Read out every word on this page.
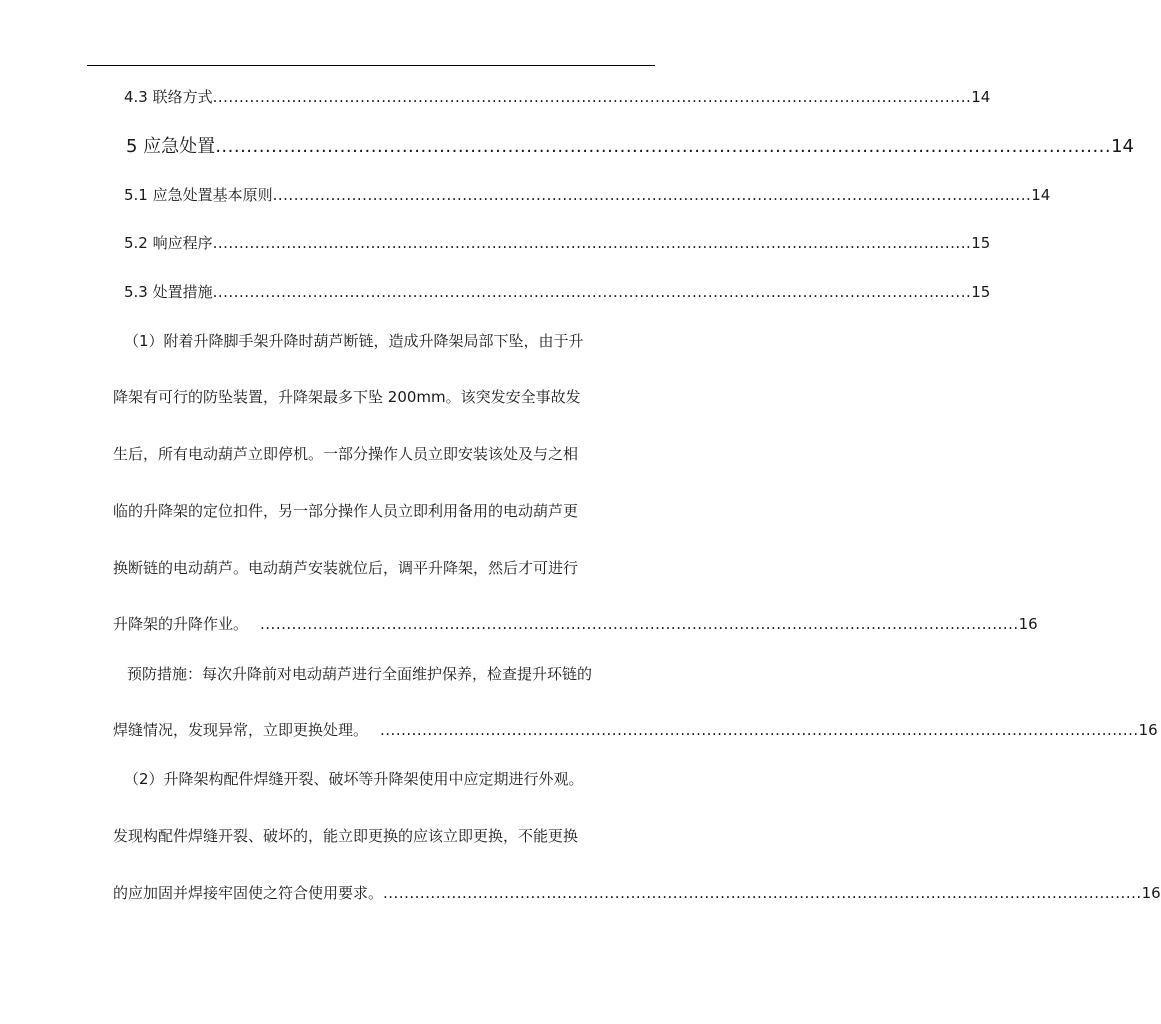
4.3 联络方式 ................................................................................................................................................ 14
5 应急处置 ................................................................................................................................................ 14
5.1 应急处置基本原则 ................................................................................................................................................ 14
5.2 响应程序 ................................................................................................................................................ 15
5.3 处置措施 ................................................................................................................................................ 15
（1）附着升降脚手架升降时葫芦断链，造成升降架局部下坠，由于升
降架有可行的防坠装置，升降架最多下坠 200mm。该突发安全事故发
生后，所有电动葫芦立即停机。一部分操作人员立即安装该处及与之相
临的升降架的定位扣件，另一部分操作人员立即利用备用的电动葫芦更
换断链的电动葫芦。电动葫芦安装就位后，调平升降架，然后才可进行
升降架的升降作业。 ................................................................................................................................................ 16
预防措施：每次升降前对电动葫芦进行全面维护保养，检查提升环链的
焊缝情况，发现异常，立即更换处理。 ................................................................................................................................................ 16
（2）升降架构配件焊缝开裂、破坏等升降架使用中应定期进行外观。
发现构配件焊缝开裂、破坏的，能立即更换的应该立即更换，不能更换
的应加固并焊接牢固使之符合使用要求。 ................................................................................................................................................ 16
